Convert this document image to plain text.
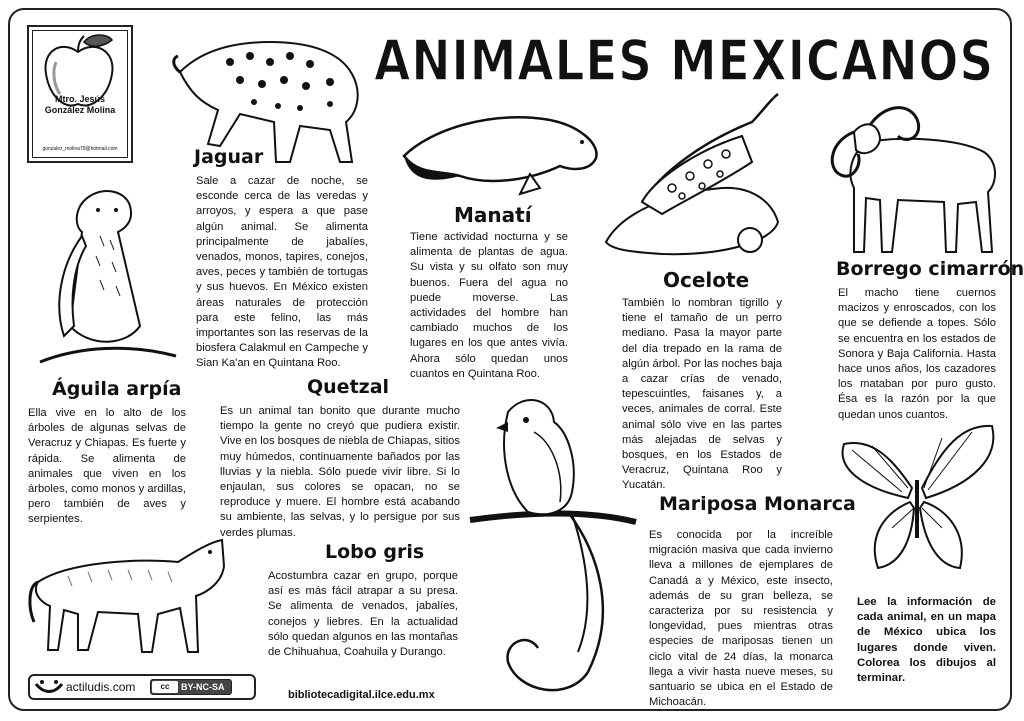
ANIMALES MEXICANOS
Mtro. Jesús
González Molina
gonzalez_molina79@hotmail.com	Jaguar
Manatí
Ocelote	Borrego cimarrón
Águila arpía	Quetzal
Lobo gris
Mariposa Monarca

Sale a cazar de noche, se esconde cerca de las veredas y arroyos, y espera a que pase algún animal. Se alimenta principalmente de jabalíes, venados, monos, tapires, conejos, aves, peces y también de tortugas y sus huevos. En México existen áreas naturales de protección para este felino, las más importantes son las reservas de la biosfera Calakmul en Campeche y Sian Ka'an en Quintana Roo.

Tiene actividad nocturna y se alimenta de plantas de agua. Su vista y su olfato son muy buenos. Fuera del agua no puede moverse. Las actividades del hombre han cambiado muchos de los lugares en los que antes vivía. Ahora sólo quedan unos cuantos en Quintana Roo.

También lo nombran tigrillo y tiene el tamaño de un perro mediano. Pasa la mayor parte del día trepado en la rama de algún árbol. Por las noches baja a cazar crías de venado, tepescuintles, faisanes y, a veces, animales de corral. Este animal sólo vive en las partes más alejadas de selvas y bosques, en los Estados de Veracruz, Quintana Roo y Yucatán.

El macho tiene cuernos macizos y enroscados, con los que se defiende a topes. Sólo se encuentra en los estados de Sonora y Baja California. Hasta hace unos años, los cazadores los mataban por puro gusto. Ésa es la razón por la que quedan unos cuantos.

Ella vive en lo alto de los árboles de algunas selvas de Veracruz y Chiapas. Es fuerte y rápida. Se alimenta de animales que viven en los árboles, como monos y ardillas, pero también de aves y serpientes.

Es un animal tan bonito que durante mucho tiempo la gente no creyó que pudiera existir. Vive en los bosques de niebla de Chiapas, sitios muy húmedos, continuamente bañados por las lluvias y la niebla. Sólo puede vivir libre. Si lo enjaulan, sus colores se opacan, no se reproduce y muere. El hombre está acabando su ambiente, las selvas, y lo persigue por sus verdes plumas.

Acostumbra cazar en grupo, porque así es más fácil atrapar a su presa. Se alimenta de venados, jabalíes, conejos y liebres. En la actualidad sólo quedan algunos en las montañas de Chihuahua, Coahuila y Durango.

Es conocida por la increíble migración masiva que cada invierno lleva a millones de ejemplares de Canadá a y México, este insecto, además de su gran belleza, se caracteriza por su resistencia y longevidad, pues mientras otras especies de mariposas tienen un ciclo vital de 24 días, la monarca llega a vivir hasta nueve meses, su santuario se ubica en el Estado de Michoacán.

Lee la información de cada animal, en un mapa de México ubica los lugares donde viven. Colorea los dibujos al terminar.

actiludis.com	cc	BY-NC-SA
bibliotecadigital.ilce.edu.mx
